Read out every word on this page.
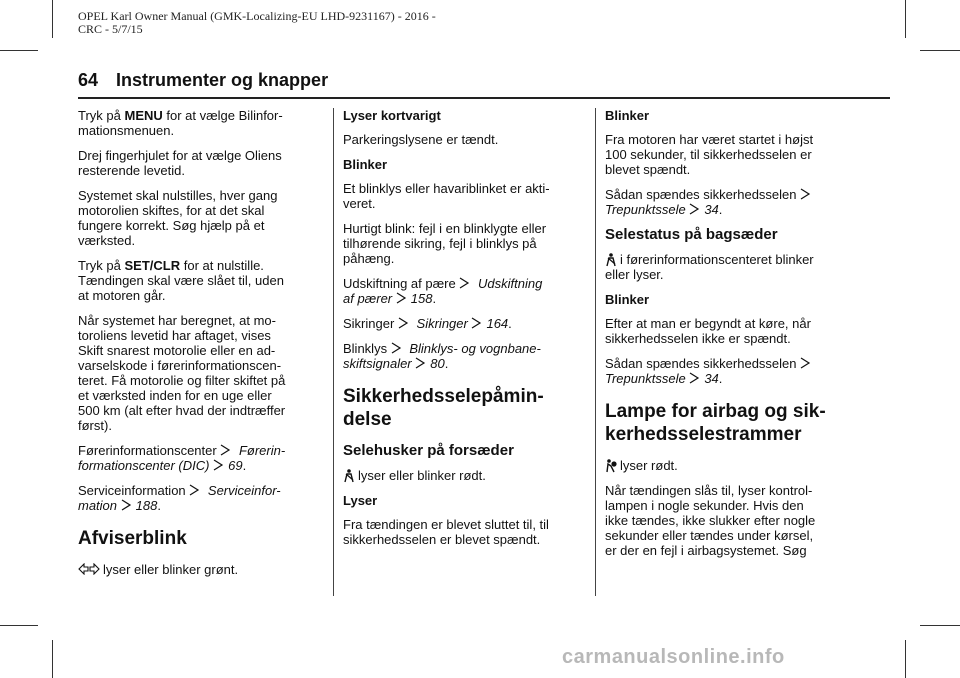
OPEL Karl Owner Manual (GMK-Localizing-EU LHD-9231167) - 2016 -
CRC - 5/7/15
64 Instrumenter og knapper

Tryk på MENU for at vælge Bilinfor-
mationsmenuen.

Drej fingerhjulet for at vælge Oliens
resterende levetid.

Systemet skal nulstilles, hver gang
motorolien skiftes, for at det skal
fungere korrekt. Søg hjælp på et
værksted.

Tryk på SET/CLR for at nulstille.
Tændingen skal være slået til, uden
at motoren går.

Når systemet har beregnet, at mo-
toroliens levetid har aftaget, vises
Skift snarest motorolie eller en ad-
varselskode i førerinformationscen-
teret. Få motorolie og filter skiftet på
et værksted inden for en uge eller
500 km (alt efter hvad der indtræffer
først).

Førerinformationscenter Førerin-
formationscenter (DIC) 69.

Serviceinformation Serviceinfor-
mation 188.

Afviserblink

lyser eller blinker grønt.

Lyser kortvarigt

Parkeringslysene er tændt.

Blinker

Et blinklys eller havariblinket er akti-
veret.

Hurtigt blink: fejl i en blinklygte eller
tilhørende sikring, fejl i blinklys på
påhæng.

Udskiftning af pære Udskiftning
af pærer 158.

Sikringer Sikringer 164.

Blinklys Blinklys- og vognbane-
skiftsignaler 80.

Sikkerhedsselepåmin-
delse
Selehusker på forsæder

lyser eller blinker rødt.

Lyser

Fra tændingen er blevet sluttet til, til
sikkerhedsselen er blevet spændt.

Blinker

Fra motoren har været startet i højst
100 sekunder, til sikkerhedsselen er
blevet spændt.

Sådan spændes sikkerhedsselen

Trepunktssele 34.

Selestatus på bagsæder

i førerinformationscenteret blinker
eller lyser.

Blinker

Efter at man er begyndt at køre, når
sikkerhedsselen ikke er spændt.

Sådan spændes sikkerhedsselen

Trepunktssele 34.

Lampe for airbag og sik-
kerhedsselestrammer

lyser rødt.

Når tændingen slås til, lyser kontrol-
lampen i nogle sekunder. Hvis den
ikke tændes, ikke slukker efter nogle
sekunder eller tændes under kørsel,
er der en fejl i airbagsystemet. Søg

carmanualsonline.info
